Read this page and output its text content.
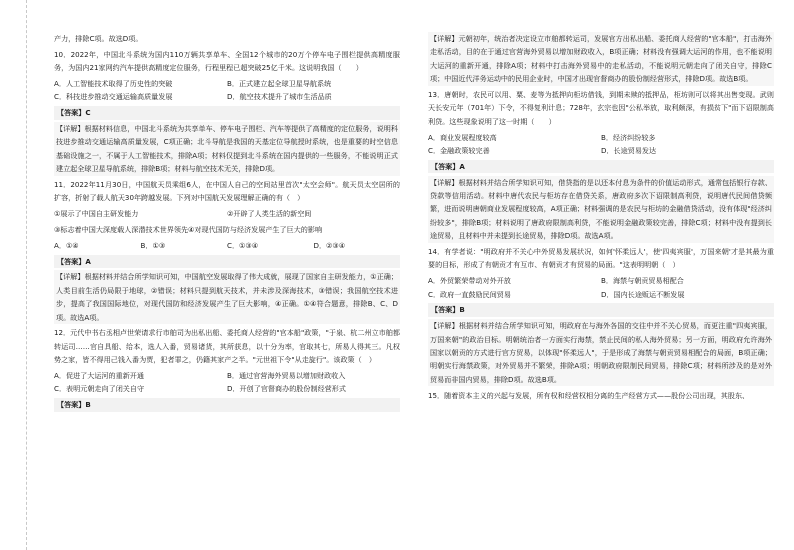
产力，排除C项。故选D项。

10．2022年，中国北斗系统为国内110万辆共享单车、全国12个城市的20万个停车电子围栏提供高精度服务，为国内21家网约汽车提供高精度定位服务，行程里程已超突破25亿千米。这说明我国（　　）

A．人工智能技术取得了历史性的突破	B．正式建立起全球卫星导航系统
C．科技进步推动交通运输高质量发展	D．航空技术提升了城市生活品质

【答案】C

【详解】根据材料信息，中国北斗系统为共享单车、停车电子围栏、汽车等提供了高精度的定位服务，说明科技进步推动交通运输高质量发展，C项正确；北斗导航是我国的天基定位导航授时系统，也是重要的时空信息基础设施之一，不属于人工智能技术，排除A项；材料仅提到北斗系统在国内提供的一些服务，不能说明正式建立起全球卫星导航系统，排除B项；材料与航空技术无关，排除D项。

11．2022年11月30日，中国航天员乘组6人，在中国人自己的空间站里首次"太空会师"。航天员太空居所的扩容，折射了载人航天30年跨越发展。下列对中国航天发展理解正确的有（　）

①展示了中国自主研发能力	②开辟了人类生活的新空间

③标志着中国大深度载人深潜技术世界领先④对现代国防与经济发展产生了巨大的影响

A．①④	B．①③	C．①③④	D．②③④

【答案】A

【详解】根据材料并结合所学知识可知，中国航空发展取得了伟大成就，展现了国家自主研发能力，①正确；人类目前生活仍局限于地球，②错误；材料只提到航天技术，并未涉及深海技术，③错误；我国航空技术进步，提高了我国国际地位，对现代国防和经济发展产生了巨大影响，④正确。①④符合题意，排除B、C、D项。故选A项。

12．元代中书右丞相卢世荣请求行市舶司为出私出船、委托商人经营的"官本船"政策，"于泉、杭二州立市舶都转运司……官自具船、给本，选人入番，贸易诸货，其所获息，以十分为率，官取其七，所易人得其三。凡权势之家，皆不得用己钱入番为贾，犯者罪之，仍籍其家产之半。"元世祖下令"从走旋行"。该政策（　）

A．促进了大运河的重新开通	B．通过官营海外贸易以增加财政收入
C．表明元朝走向了闭关自守	D．开创了官督商办的股份制经营形式

【答案】B

【详解】元朝初年，统治者决定设立市舶都转运司，发展官方出私出船、委托商人经营的"官本船"，打击海外走私活动，目的在于通过官营海外贸易以增加财政收入，B项正确；材料没有强调大运河的作用，也不能说明大运河的重新开通，排除A项；材料中打击海外贸易中的走私活动，不能说明元朝走向了闭关自守，排除C项；中国近代洋务运动中的民用企业时，中国才出现官督商办的股份制经营形式，排除D项。故选B项。

13．唐朝时，农民可以用、粟、麦等为抵押向柜坊借钱，到期未赎的抵押品，柜坊则可以将其出售变现。武则天长安元年（701年）下令，不得复利计息；728年，玄宗也因"公私举放，取利颇深，有损贫下"而下诏限制高利贷。这些现象说明了这一时期（　　）

A．商业发展程度较高	B．经济纠纷较多
C．金融政策较完善	D．长途贸易发达

【答案】A

【详解】根据材料并结合所学知识可知，借贷指的是以还本付息为条件的价值运动形式，通常包括银行存款、贷款等信用活动。材料中唐代农民与柜坊存在借贷关系，唐政府多次下诏限制高利贷，说明唐代民间借贷频繁，进而说明唐朝商业发展程度较高，A项正确；材料强调的是农民与柜坊的金融借贷活动，没有体现"经济纠纷较多"，排除B项；材料说明了唐政府限制高利贷，不能说明金融政策较完善，排除C项；材料中没有提到长途贸易，且材料中并未提到长途贸易，排除D项。故选A项。

14．有学者说："明政府并不关心中外贸易发展状况，如何'怀柔远人'，使'四夷宾服'，万国来朝'才是其最为重要的目标，形成了有朝贡才有互市、有朝贡才有贸易的局面。"这表明明朝（　）

A．外贸繁荣带动对外开放	B．海禁与朝贡贸易相配合
C．政府一直鼓励民间贸易	D．国内长途贩运不断发展

【答案】B

【详解】根据材料并结合所学知识可知，明政府在与海外各国的交往中并不关心贸易，而更注重"四夷宾服，万国来朝"的政治目标。明朝统治者一方面实行海禁，禁止民间的私人海外贸易；另一方面，明政府允许海外国家以朝贡的方式进行官方贸易，以体现"怀柔远人"，于是形成了海禁与朝贡贸易相配合的局面，B项正确；明朝实行海禁政策，对外贸易并不繁荣，排除A项；明朝政府限制民间贸易，排除C项；材料所涉及的是对外贸易而非国内贸易，排除D项。故选B项。

15．随着资本主义的兴起与发展，所有权和经营权相分离的生产经营方式——股份公司出现，其股东、
